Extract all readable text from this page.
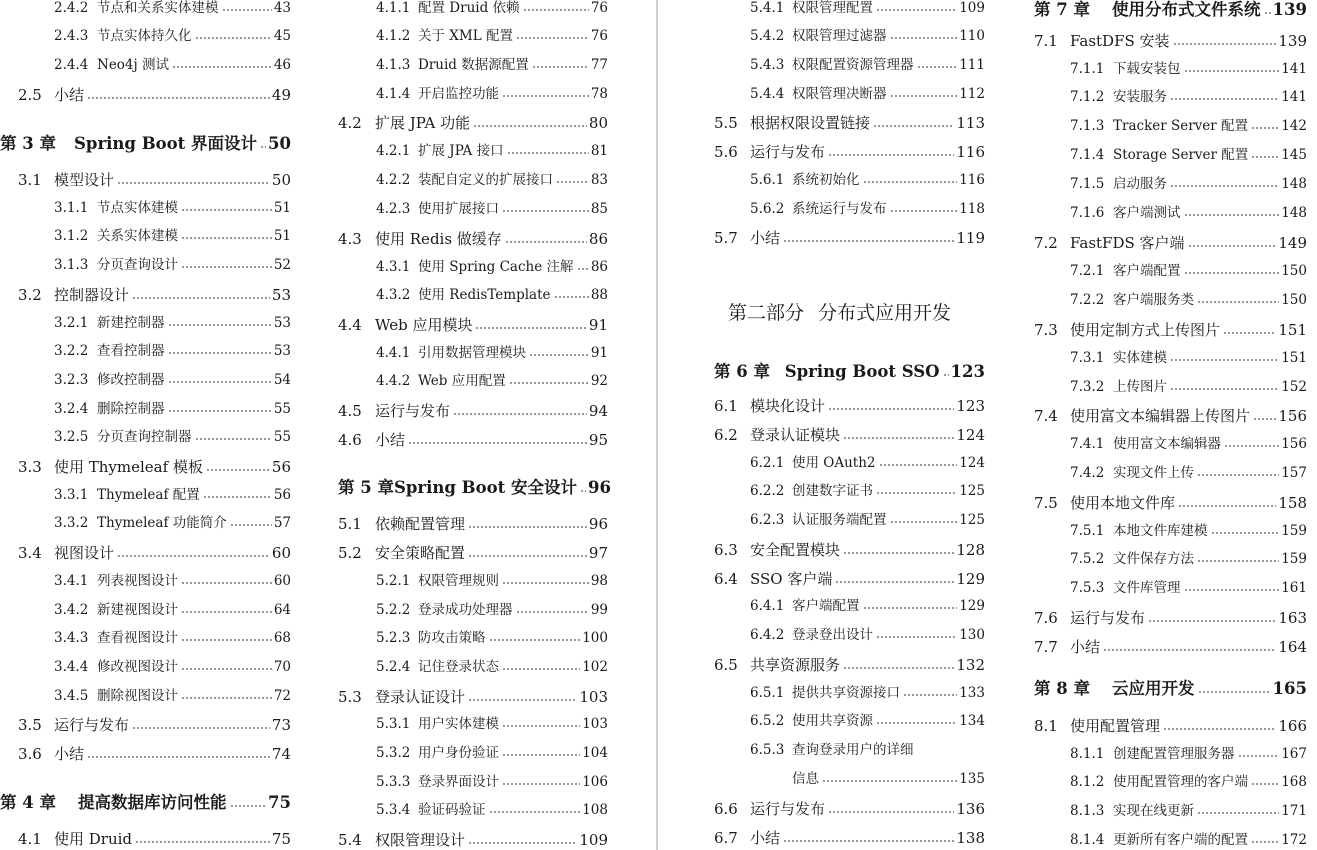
2.4.2 节点和关系实体建模	43
2.4.3 节点实体持久化	45
2.4.4 Neo4j 测试	46
2.5 小结	49
第 3 章	Spring Boot 界面设计 50
3.1 模型设计	50
3.1.1 节点实体建模	51
3.1.2 关系实体建模	51
3.1.3 分页查询设计	52
3.2 控制器设计	53
3.2.1 新建控制器	53
3.2.2 查看控制器	53
3.2.3 修改控制器	54
3.2.4 删除控制器	55
3.2.5 分页查询控制器	55
3.3 使用 Thymeleaf 模板	56
3.3.1 Thymeleaf 配置	56
3.3.2 Thymeleaf 功能简介	57
3.4 视图设计	60
3.4.1 列表视图设计	60
3.4.2 新建视图设计	64
3.4.3 查看视图设计	68
3.4.4 修改视图设计	70
3.4.5 删除视图设计	72
3.5 运行与发布	73
3.6 小结	74
第 4 章	提高数据库访问性能	75
4.1 使用 Druid	75
4.1.1 配置 Druid 依赖	76
4.1.2 关于 XML 配置	76
4.1.3 Druid 数据源配置	77
4.1.4 开启监控功能	78
4.2 扩展 JPA 功能	80
4.2.1 扩展 JPA 接口	81
4.2.2 装配自定义的扩展接口	83
4.2.3 使用扩展接口	85
4.3 使用 Redis 做缓存	86
4.3.1 使用 Spring Cache 注解 86
4.3.2 使用 RedisTemplate	88
4.4 Web 应用模块	91
4.4.1 引用数据管理模块	91
4.4.2 Web 应用配置	92
4.5 运行与发布	94
4.6 小结	95
第 5 章 Spring Boot 安全设计 96
5.1 依赖配置管理	96
5.2 安全策略配置	97
5.2.1 权限管理规则	98
5.2.2 登录成功处理器	99
5.2.3 防攻击策略	100
5.2.4 记住登录状态	102
5.3 登录认证设计	103
5.3.1 用户实体建模	103
5.3.2 用户身份验证	104
5.3.3 登录界面设计	106
5.3.4 验证码验证	108
5.4 权限管理设计	109
5.4.1 权限管理配置	109
5.4.2 权限管理过滤器	110
5.4.3 权限配置资源管理器	111
5.4.4 权限管理决断器	112
5.5 根据权限设置链接	113
5.6 运行与发布	116
5.6.1 系统初始化	116
5.6.2 系统运行与发布	118
5.7 小结	119
第二部分 分布式应用开发
第 6 章 Spring Boot SSO 123
6.1 模块化设计	123
6.2 登录认证模块	124
6.2.1 使用 OAuth2	124
6.2.2 创建数字证书	125
6.2.3 认证服务端配置	125
6.3 安全配置模块	128
6.4 SSO 客户端	129
6.4.1 客户端配置	129
6.4.2 登录登出设计	130
6.5 共享资源服务	132
6.5.1 提供共享资源接口	133
6.5.2 使用共享资源	134
6.5.3 查询登录用户的详细
信息	135
6.6 运行与发布	136
6.7 小结	138
第 7 章	使用分布式文件系统 139
7.1 FastDFS 安装	139
7.1.1 下载安装包	141
7.1.2 安装服务	141
7.1.3 Tracker Server 配置 142
7.1.4 Storage Server 配置 145
7.1.5 启动服务	148
7.1.6 客户端测试	148
7.2 FastFDS 客户端	149
7.2.1 客户端配置	150
7.2.2 客户端服务类	150
7.3 使用定制方式上传图片	151
7.3.1 实体建模	151
7.3.2 上传图片	152
7.4 使用富文本编辑器上传图片 156
7.4.1 使用富文本编辑器	156
7.4.2 实现文件上传	157
7.5 使用本地文件库	158
7.5.1 本地文件库建模	159
7.5.2 文件保存方法	159
7.5.3 文件库管理	161
7.6 运行与发布	163
7.7 小结	164
第 8 章	云应用开发	165
8.1 使用配置管理	166
8.1.1 创建配置管理服务器	167
8.1.2 使用配置管理的客户端 168
8.1.3 实现在线更新	171
8.1.4 更新所有客户端的配置 172
